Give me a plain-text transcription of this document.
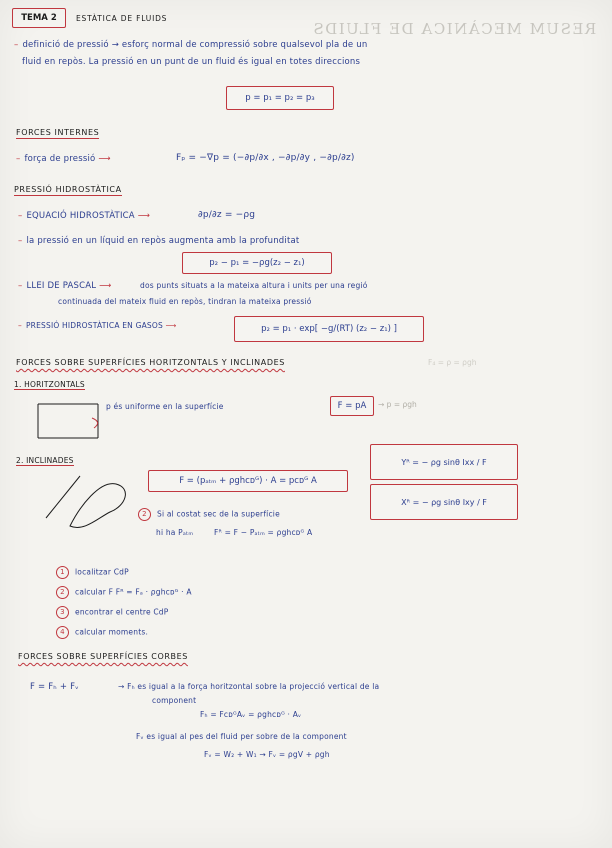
RESUM MECÀNICA DE FLUIDS
TEMA 2	ESTÀTICA DE FLUIDS
– definició de pressió → esforç normal de compressió sobre qualsevol pla de un
fluid en repòs. La pressió en un punt de un fluid és igual en totes direccions
p = p₁ = p₂ = p₃
FORCES INTERNES
– força de pressió ⟶	Fₚ = −∇p = (−∂p/∂x , −∂p/∂y , −∂p/∂z)
PRESSIÓ HIDROSTÀTICA
– EQUACIÓ HIDROSTÀTICA ⟶	∂p/∂z = −ρg
– la pressió en un líquid en repòs augmenta amb la profunditat
p₂ − p₁ = −ρg(z₂ − z₁)
– LLEI DE PASCAL ⟶	dos punts situats a la mateixa altura i units per una regió
continuada del mateix fluid en repòs, tindran la mateixa pressió
– PRESSIÓ HIDROSTÀTICA EN GASOS ⟶	p₂ = p₁ · exp[ −g/(RT) (z₂ − z₁) ]
FORCES SOBRE SUPERFÍCIES HORITZONTALS Y INCLINADES	F₄ = ρ = ρgh
1. HORITZONTALS
p és uniforme en la superfície	F = pA	→ p = ρgh
2. INCLINADES
F = (pₐₜₘ + ρghᴄᴅᴳ) · A = pᴄᴅᴳ A
Yᴿ = − ρg sinθ Ixx / F
Xᴿ = − ρg sinθ Ixy / F
2 Si al costat sec de la superfície
hi ha Pₐₜₘ	Fᴿ = F − Pₐₜₘ = ρghᴄᴅᴳ A
1 localitzar CdP
2 calcular F Fᴿ = Fₐ · ρghᴄᴅᴳ · A
3 encontrar el centre CdP
4 calcular moments.
FORCES SOBRE SUPERFÍCIES CORBES
F = Fₕ + Fᵥ	→ Fₕ es igual a la força horitzontal sobre la projecció vertical de la
component
Fₕ = FᴄᴅᴳAᵥ = ρghᴄᴅᴳ · Aᵥ
Fᵥ es igual al pes del fluid per sobre de la component
Fᵥ = W₂ + W₁ → Fᵥ = ρgV + ρgh
